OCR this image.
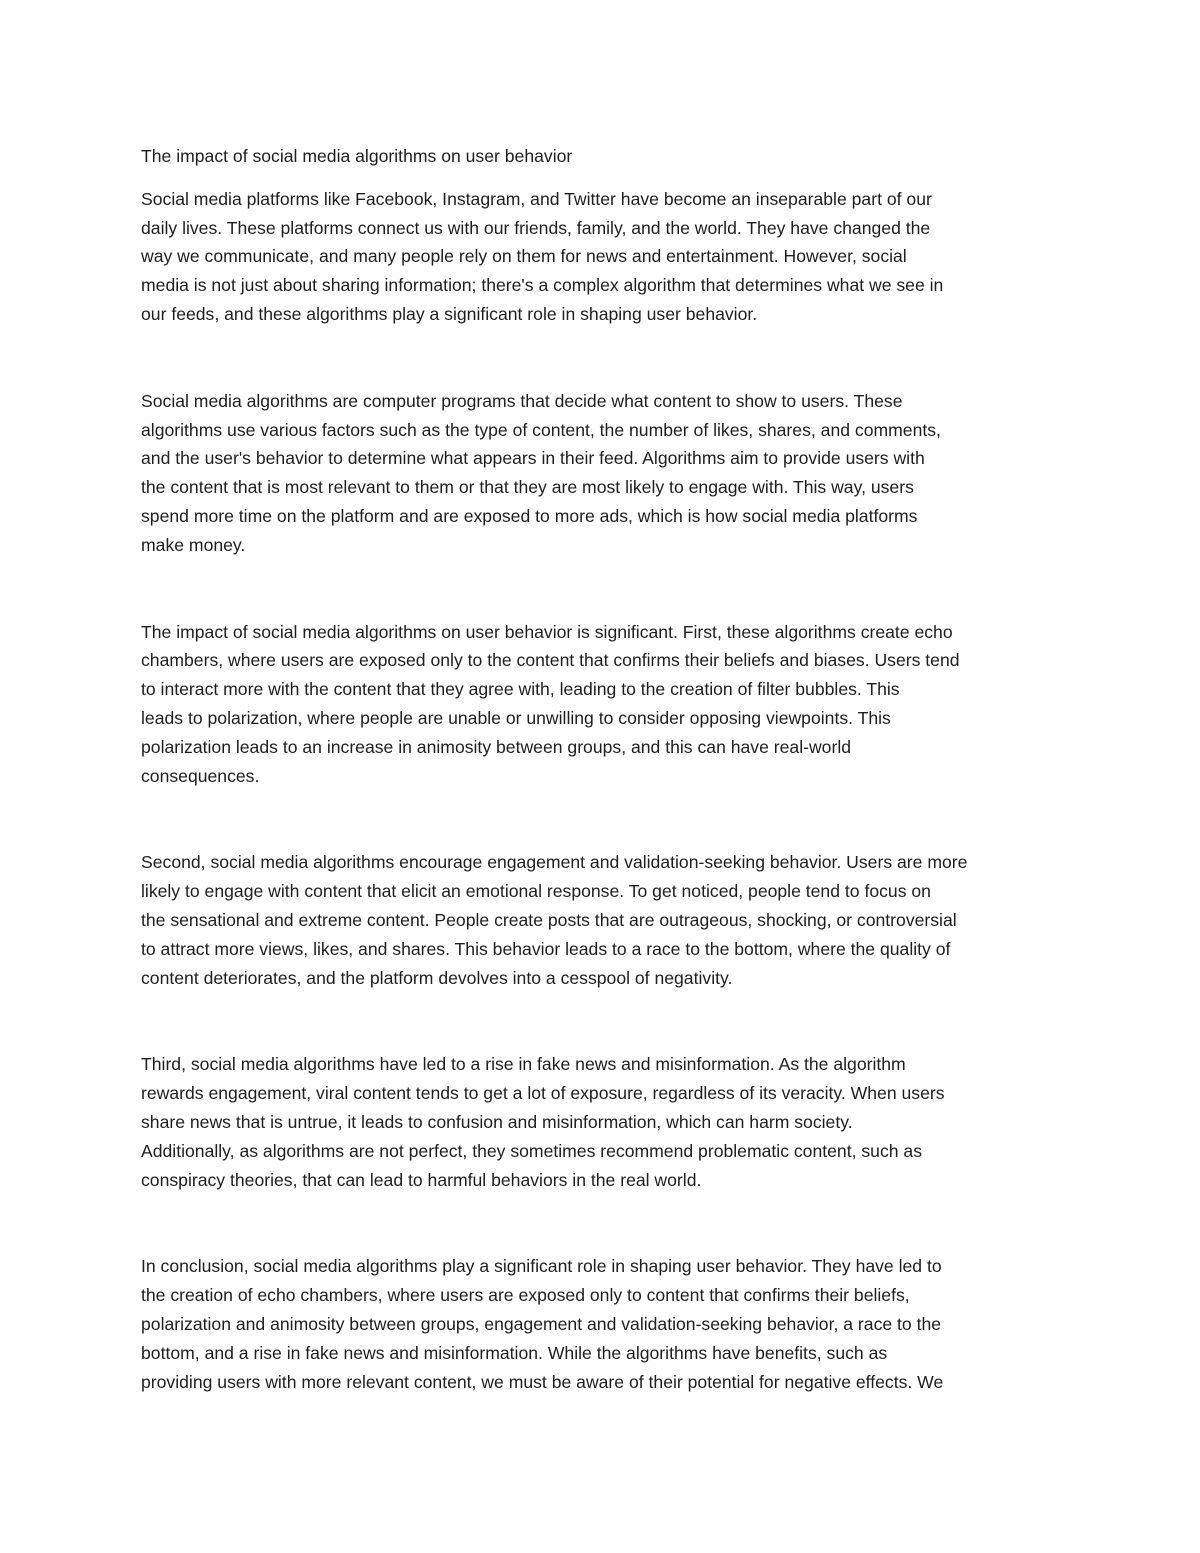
The impact of social media algorithms on user behavior
Social media platforms like Facebook, Instagram, and Twitter have become an inseparable part of our
daily lives. These platforms connect us with our friends, family, and the world. They have changed the
way we communicate, and many people rely on them for news and entertainment. However, social
media is not just about sharing information; there's a complex algorithm that determines what we see in
our feeds, and these algorithms play a significant role in shaping user behavior.
Social media algorithms are computer programs that decide what content to show to users. These
algorithms use various factors such as the type of content, the number of likes, shares, and comments,
and the user's behavior to determine what appears in their feed. Algorithms aim to provide users with
the content that is most relevant to them or that they are most likely to engage with. This way, users
spend more time on the platform and are exposed to more ads, which is how social media platforms
make money.
The impact of social media algorithms on user behavior is significant. First, these algorithms create echo
chambers, where users are exposed only to the content that confirms their beliefs and biases. Users tend
to interact more with the content that they agree with, leading to the creation of filter bubbles. This
leads to polarization, where people are unable or unwilling to consider opposing viewpoints. This
polarization leads to an increase in animosity between groups, and this can have real-world
consequences.
Second, social media algorithms encourage engagement and validation-seeking behavior. Users are more
likely to engage with content that elicit an emotional response. To get noticed, people tend to focus on
the sensational and extreme content. People create posts that are outrageous, shocking, or controversial
to attract more views, likes, and shares. This behavior leads to a race to the bottom, where the quality of
content deteriorates, and the platform devolves into a cesspool of negativity.
Third, social media algorithms have led to a rise in fake news and misinformation. As the algorithm
rewards engagement, viral content tends to get a lot of exposure, regardless of its veracity. When users
share news that is untrue, it leads to confusion and misinformation, which can harm society.
Additionally, as algorithms are not perfect, they sometimes recommend problematic content, such as
conspiracy theories, that can lead to harmful behaviors in the real world.
In conclusion, social media algorithms play a significant role in shaping user behavior. They have led to
the creation of echo chambers, where users are exposed only to content that confirms their beliefs,
polarization and animosity between groups, engagement and validation-seeking behavior, a race to the
bottom, and a rise in fake news and misinformation. While the algorithms have benefits, such as
providing users with more relevant content, we must be aware of their potential for negative effects. We
